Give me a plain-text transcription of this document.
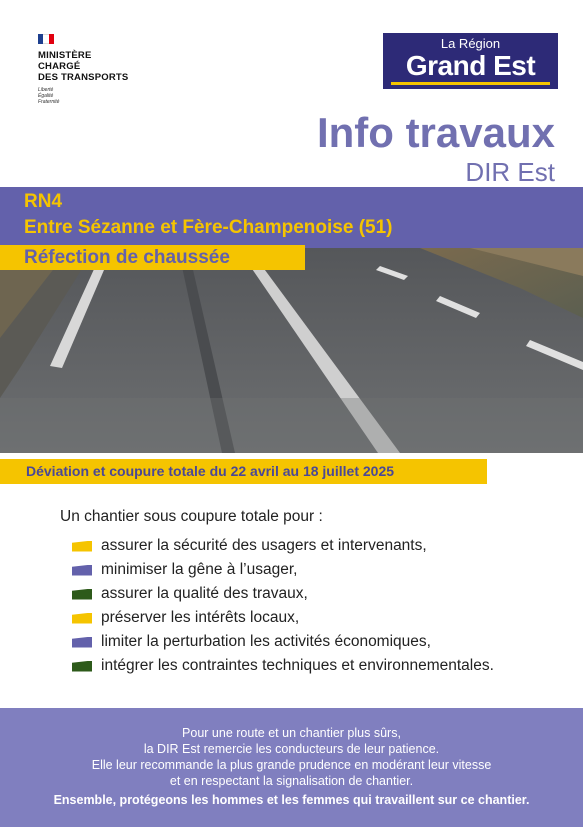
MINISTÈRE
CHARGÉ
DES TRANSPORTS
Liberté
Égalité
Fraternité
La Région
Grand Est
Info travaux
DIR Est
RN4
Entre Sézanne et Fère-Champenoise (51)
Réfection de chaussée
Déviation et coupure totale du 22 avril au 18 juillet 2025
Un chantier sous coupure totale pour :
assurer la sécurité des usagers et intervenants,
minimiser la gêne à l’usager,
assurer la qualité des travaux,
préserver les intérêts locaux,
limiter la perturbation les activités économiques,
intégrer les contraintes techniques et environnementales.
Pour une route et un chantier plus sûrs,
la DIR Est remercie les conducteurs de leur patience.
Elle leur recommande la plus grande prudence en modérant leur vitesse
et en respectant la signalisation de chantier.
Ensemble, protégeons les hommes et les femmes qui travaillent sur ce chantier.
